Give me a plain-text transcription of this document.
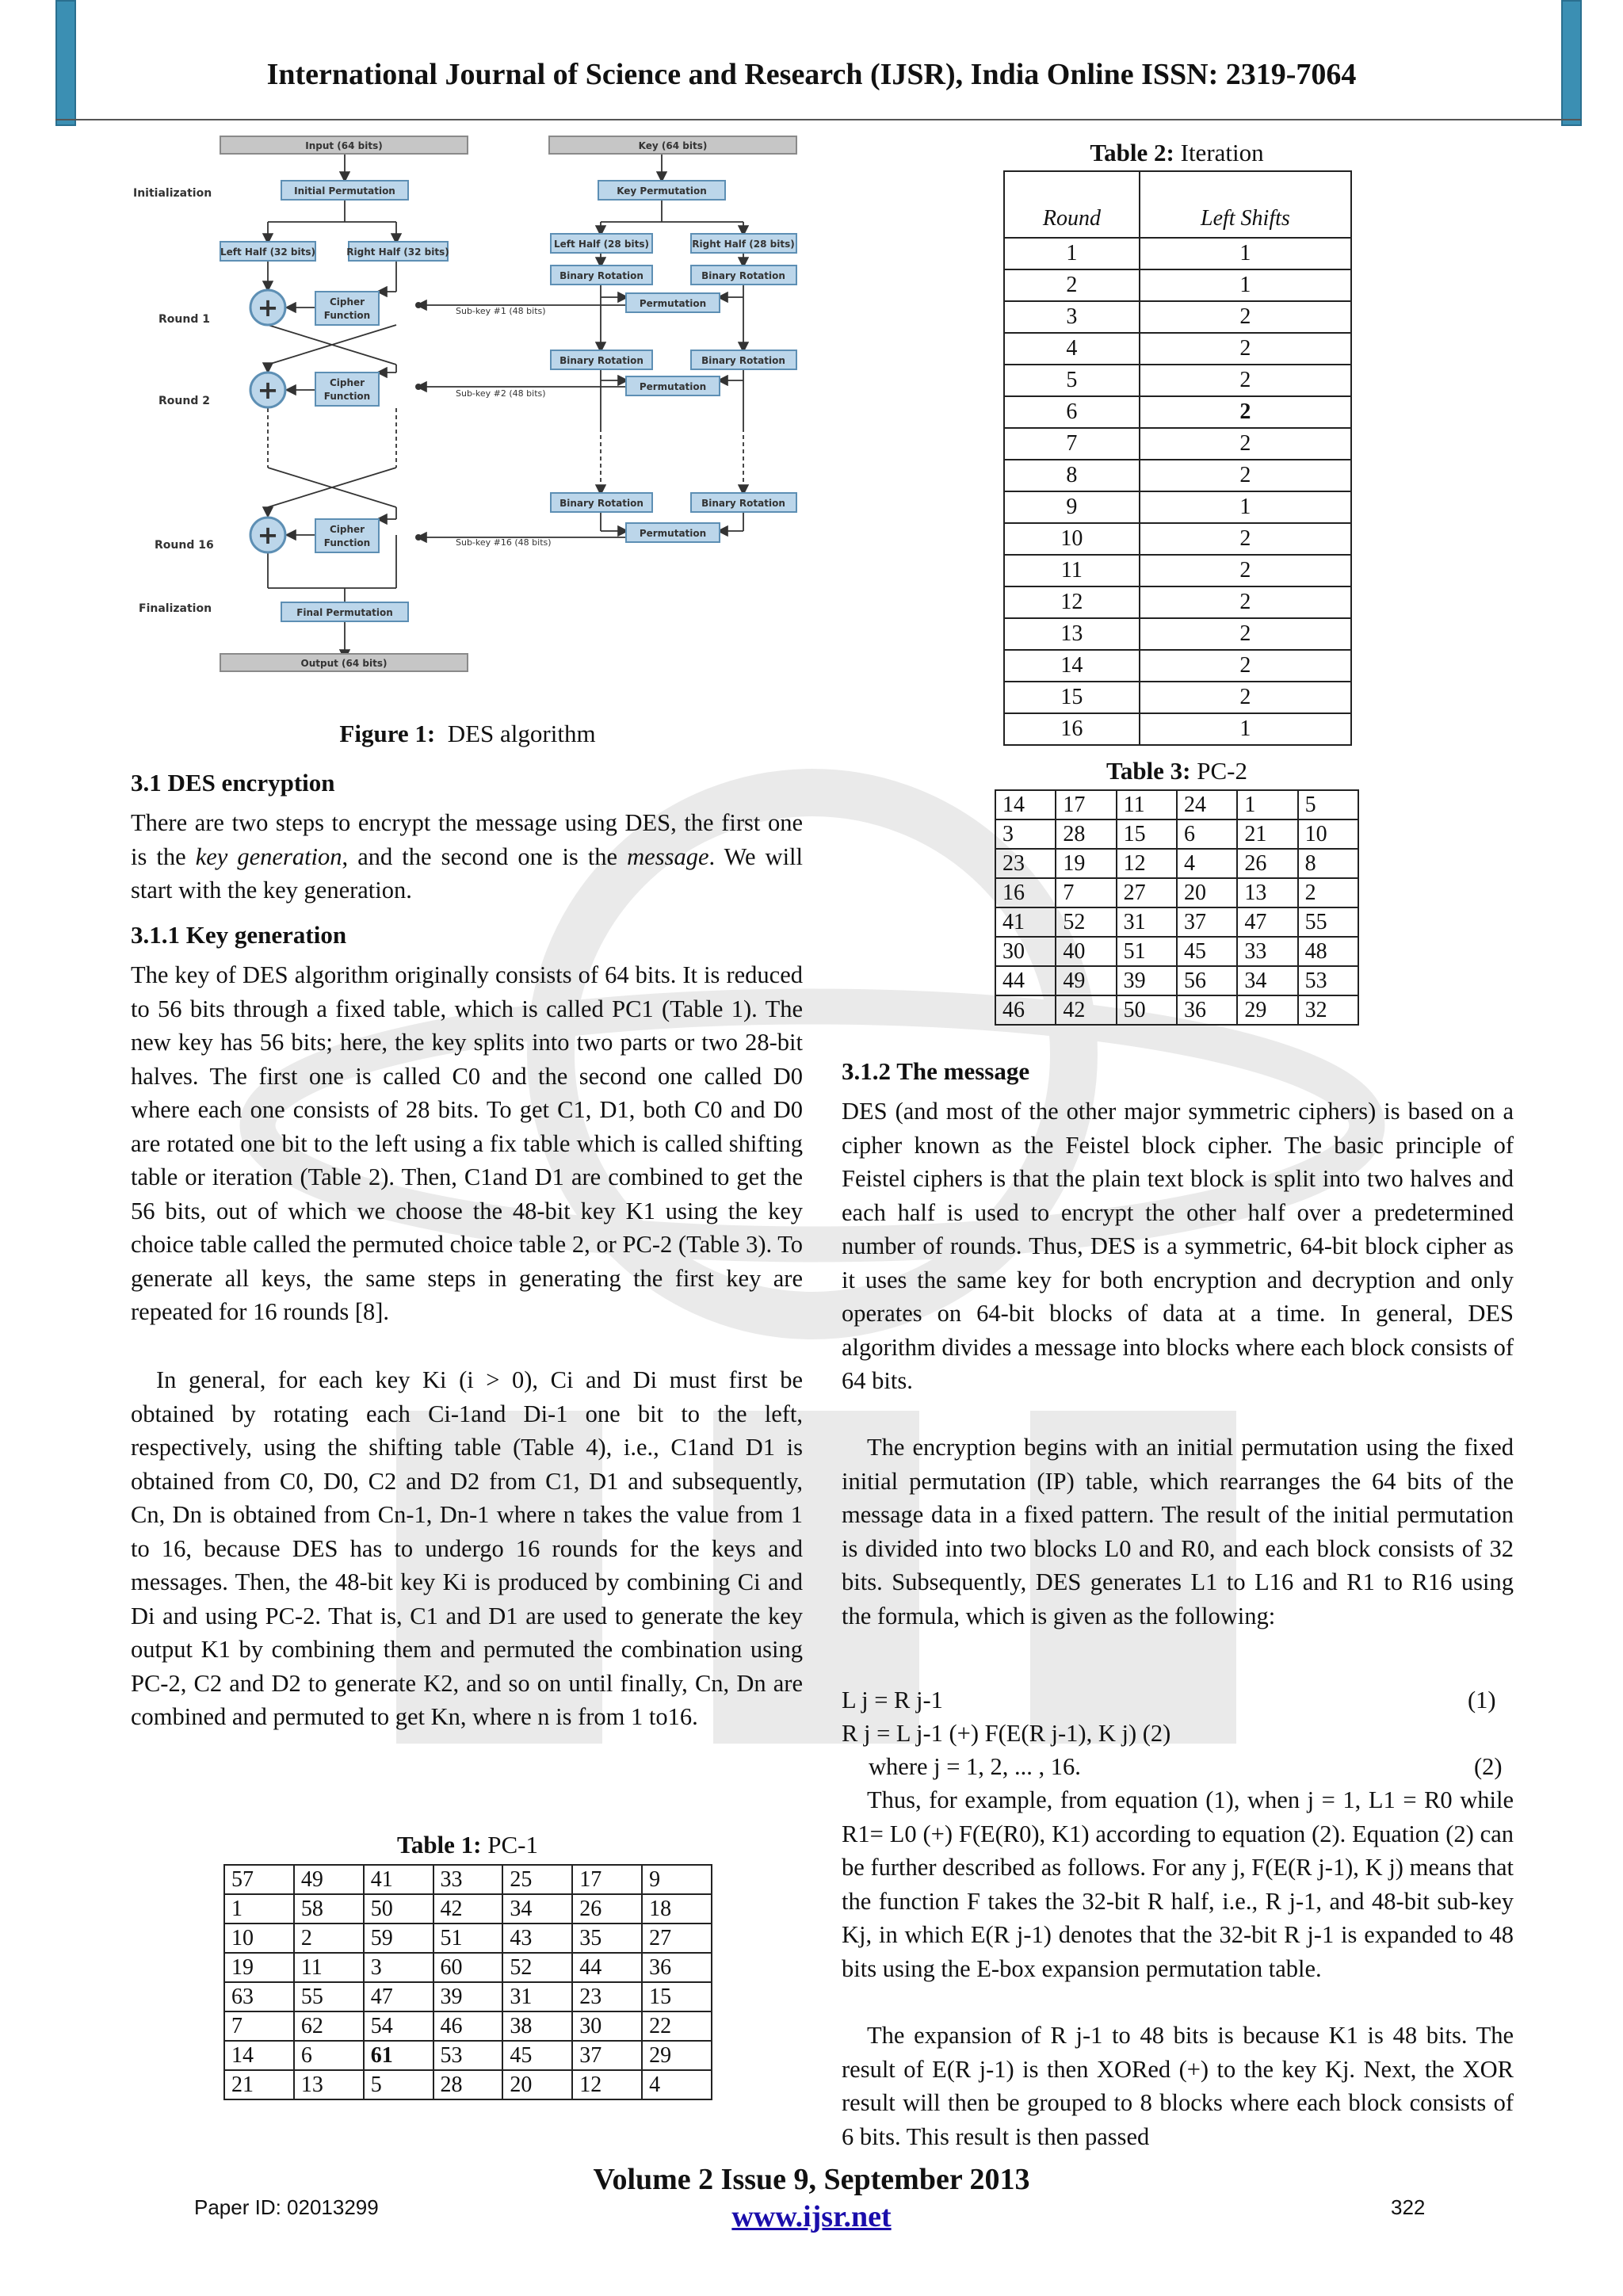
International Journal of Science and Research (IJSR), India Online ISSN: 2319-7064
Input (64 bits)	Key (64 bits)
Initial Permutation	Key Permutation
Left Half (32 bits)	Right Half (32 bits)
Left Half (28 bits)	Right Half (28 bits)
Binary Rotation	Binary Rotation
Permutation
Binary Rotation	Binary Rotation
Permutation
Binary Rotation	Binary Rotation
Permutation
Cipher
Function
Cipher
Function
Cipher
Function
+
+
+
Sub-key #1 (48 bits)
Sub-key #2 (48 bits)
Sub-key #16 (48 bits)
Final Permutation
Output (64 bits)
Initialization
Round 1
Round 2
Round 16
Finalization
Figure 1: DES algorithm
3.1 DES encryption
There are two steps to encrypt the message using DES, the first one is the key generation, and the second one is the message. We will start with the key generation.
3.1.1 Key generation
The key of DES algorithm originally consists of 64 bits. It is reduced to 56 bits through a fixed table, which is called PC1 (Table 1). The new key has 56 bits; here, the key splits into two parts or two 28-bit halves. The first one is called C0 and the second one called D0 where each one consists of 28 bits. To get C1, D1, both C0 and D0 are rotated one bit to the left using a fix table which is called shifting table or iteration (Table 2). Then, C1and D1 are combined to get the 56 bits, out of which we choose the 48-bit key K1 using the key choice table called the permuted choice table 2, or PC-2 (Table 3). To generate all keys, the same steps in generating the first key are repeated for 16 rounds [8].
In general, for each key Ki (i > 0), Ci and Di must first be obtained by rotating each Ci-1and Di-1 one bit to the left, respectively, using the shifting table (Table 4), i.e., C1and D1 is obtained from C0, D0, C2 and D2 from C1, D1 and subsequently, Cn, Dn is obtained from Cn-1, Dn-1 where n takes the value from 1 to 16, because DES has to undergo 16 rounds for the keys and messages. Then, the 48-bit key Ki is produced by combining Ci and Di and using PC-2. That is, C1 and D1 are used to generate the key output K1 by combining them and permuted the combination using PC-2, C2 and D2 to generate K2, and so on until finally, Cn, Dn are combined and permuted to get Kn, where n is from 1 to16.
Table 1: PC-1
57	49	41	33	25	17	9
1	58	50	42	34	26	18
10	2	59	51	43	35	27
19	11	3	60	52	44	36
63	55	47	39	31	23	15
7	62	54	46	38	30	22
14	6	61	53	45	37	29
21	13	5	28	20	12	4
Table 2: Iteration
Round	Left Shifts
1	1
2	1
3	2
4	2
5	2
6	2
7	2
8	2
9	1
10	2
11	2
12	2
13	2
14	2
15	2
16	1
Table 3: PC-2
14	17	11	24	1	5
3	28	15	6	21	10
23	19	12	4	26	8
16	7	27	20	13	2
41	52	31	37	47	55
30	40	51	45	33	48
44	49	39	56	34	53
46	42	50	36	29	32
3.1.2 The message
DES (and most of the other major symmetric ciphers) is based on a cipher known as the Feistel block cipher. The basic principle of Feistel ciphers is that the plain text block is split into two halves and each half is used to encrypt the other half over a predetermined number of rounds. Thus, DES is a symmetric, 64-bit block cipher as it uses the same key for both encryption and decryption and only operates on 64-bit blocks of data at a time. In general, DES algorithm divides a message into blocks where each block consists of 64 bits.
The encryption begins with an initial permutation using the fixed initial permutation (IP) table, which rearranges the 64 bits of the message data in a fixed pattern. The result of the initial permutation is divided into two blocks L0 and R0, and each block consists of 32 bits. Subsequently, DES generates L1 to L16 and R1 to R16 using the formula, which is given as the following:
L j = R j-1	(1)
R j = L j-1 (+) F(E(R j-1), K j) (2)
where j = 1, 2, ... , 16.	(2)
Thus, for example, from equation (1), when j = 1, L1 = R0 while R1= L0 (+) F(E(R0), K1) according to equation (2). Equation (2) can be further described as follows. For any j, F(E(R j-1), K j) means that the function F takes the 32-bit R half, i.e., R j-1, and 48-bit sub-key Kj, in which E(R j-1) denotes that the 32-bit R j-1 is expanded to 48 bits using the E-box expansion permutation table.
The expansion of R j-1 to 48 bits is because K1 is 48 bits. The result of E(R j-1) is then XORed (+) to the key Kj. Next, the XOR result will then be grouped to 8 blocks where each block consists of 6 bits. This result is then passed
Volume 2 Issue 9, September 2013
www.ijsr.net
Paper ID: 02013299	322
